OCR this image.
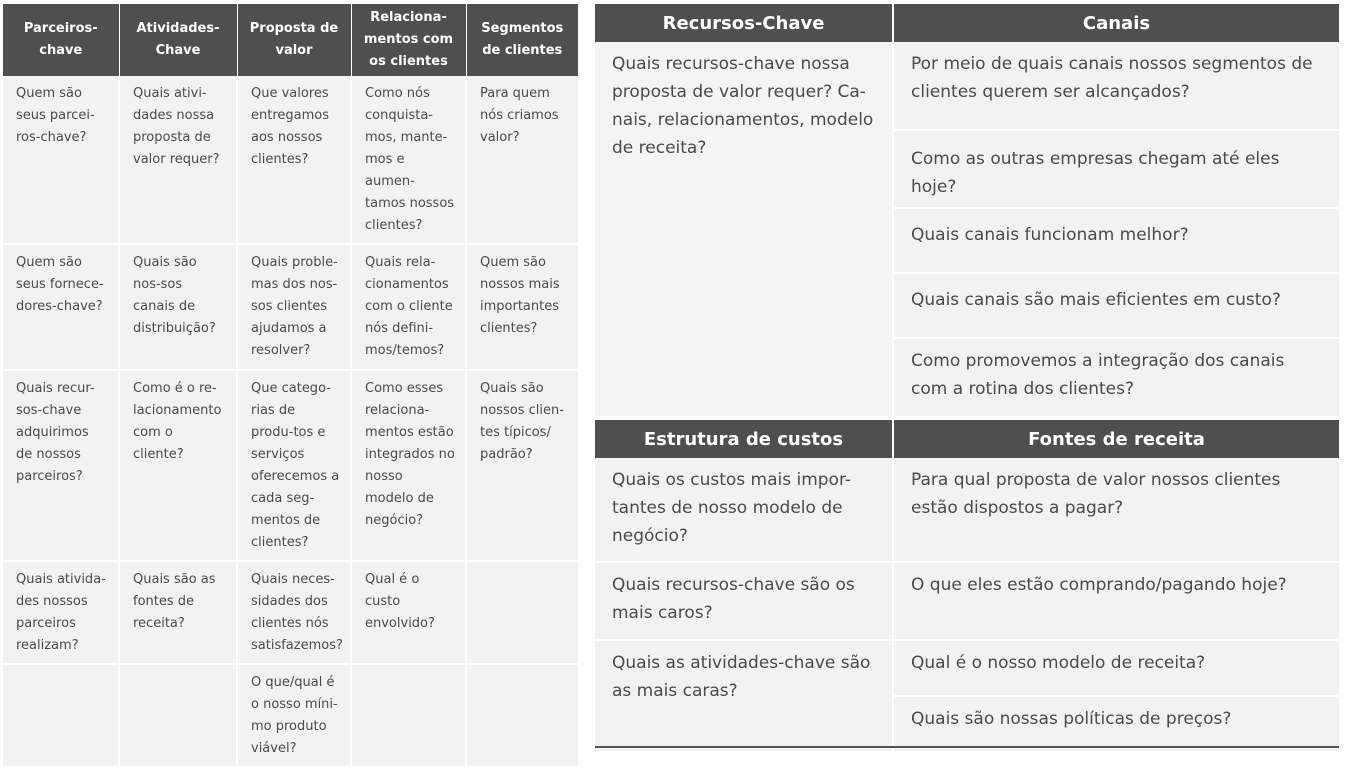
Parceiros-chave	Atividades-Chave	Proposta de valor	Relaciona-mentos com os clientes	Segmentos de clientes
Quem são seus parcei-ros-chave?	Quais ativi-dades nossa proposta de valor requer?	Que valores entregamos aos nossos clientes?	Como nós conquista-mos, mante-mos e aumen-tamos nossos clientes?	Para quem nós criamos valor?
Quem são seus fornece-dores-chave?	Quais são nos-sos canais de distribuição?	Quais proble-mas dos nos-sos clientes ajudamos a resolver?	Quais rela-cionamentos com o cliente nós defini-mos/temos?	Quem são nossos mais importantes clientes?
Quais recur-sos-chave adquirimos de nossos parceiros?	Como é o re-lacionamento com o cliente?	Que catego-rias de produ-tos e serviços oferecemos a cada seg-mentos de clientes?	Como esses relaciona-mentos estão integrados no nosso modelo de negócio?	Quais são nossos clien-tes típicos/ padrão?
Quais ativida-des nossos parceiros realizam?	Quais são as fontes de receita?	Quais neces-sidades dos clientes nós satisfazemos?	Qual é o custo envolvido?	
		O que/qual é o nosso míni-mo produto viável?		
Recursos-Chave	Canais
Quais recursos-chave nossa proposta de valor requer? Ca-nais, relacionamentos, modelo de receita?	Por meio de quais canais nossos segmentos de clientes querem ser alcançados?
	Como as outras empresas chegam até eles hoje?
	Quais canais funcionam melhor?
	Quais canais são mais eficientes em custo?
	Como promovemos a integração dos canais com a rotina dos clientes?
Estrutura de custos	Fontes de receita
Quais os custos mais impor-tantes de nosso modelo de negócio?	Para qual proposta de valor nossos clientes estão dispostos a pagar?
Quais recursos-chave são os mais caros?	O que eles estão comprando/pagando hoje?
Quais as atividades-chave são as mais caras?	Qual é o nosso modelo de receita?
	Quais são nossas políticas de preços?
